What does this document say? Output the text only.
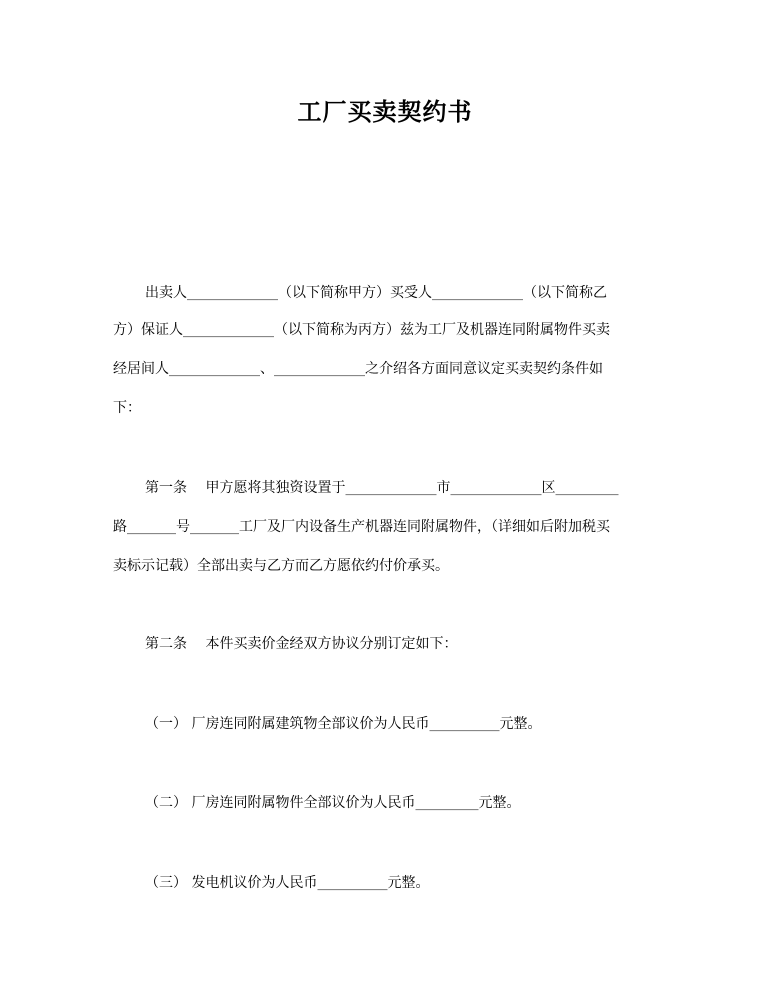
工厂买卖契约书

出卖人_____________（以下简称甲方）买受人_____________（以下简称乙

方）保证人_____________（以下简称为丙方）兹为工厂及机器连同附属物件买卖

经居间人_____________、_____________之介绍各方面同意议定买卖契约条件如

下：

第一条　 甲方愿将其独资设置于_____________市_____________区_________

路_______号_______工厂及厂内设备生产机器连同附属物件，（详细如后附加税买

卖标示记载）全部出卖与乙方而乙方愿依约付价承买。

第二条　 本件买卖价金经双方协议分别订定如下：

（一） 厂房连同附属建筑物全部议价为人民币__________元整。

（二） 厂房连同附属物件全部议价为人民币_________元整。

（三） 发电机议价为人民币__________元整。
